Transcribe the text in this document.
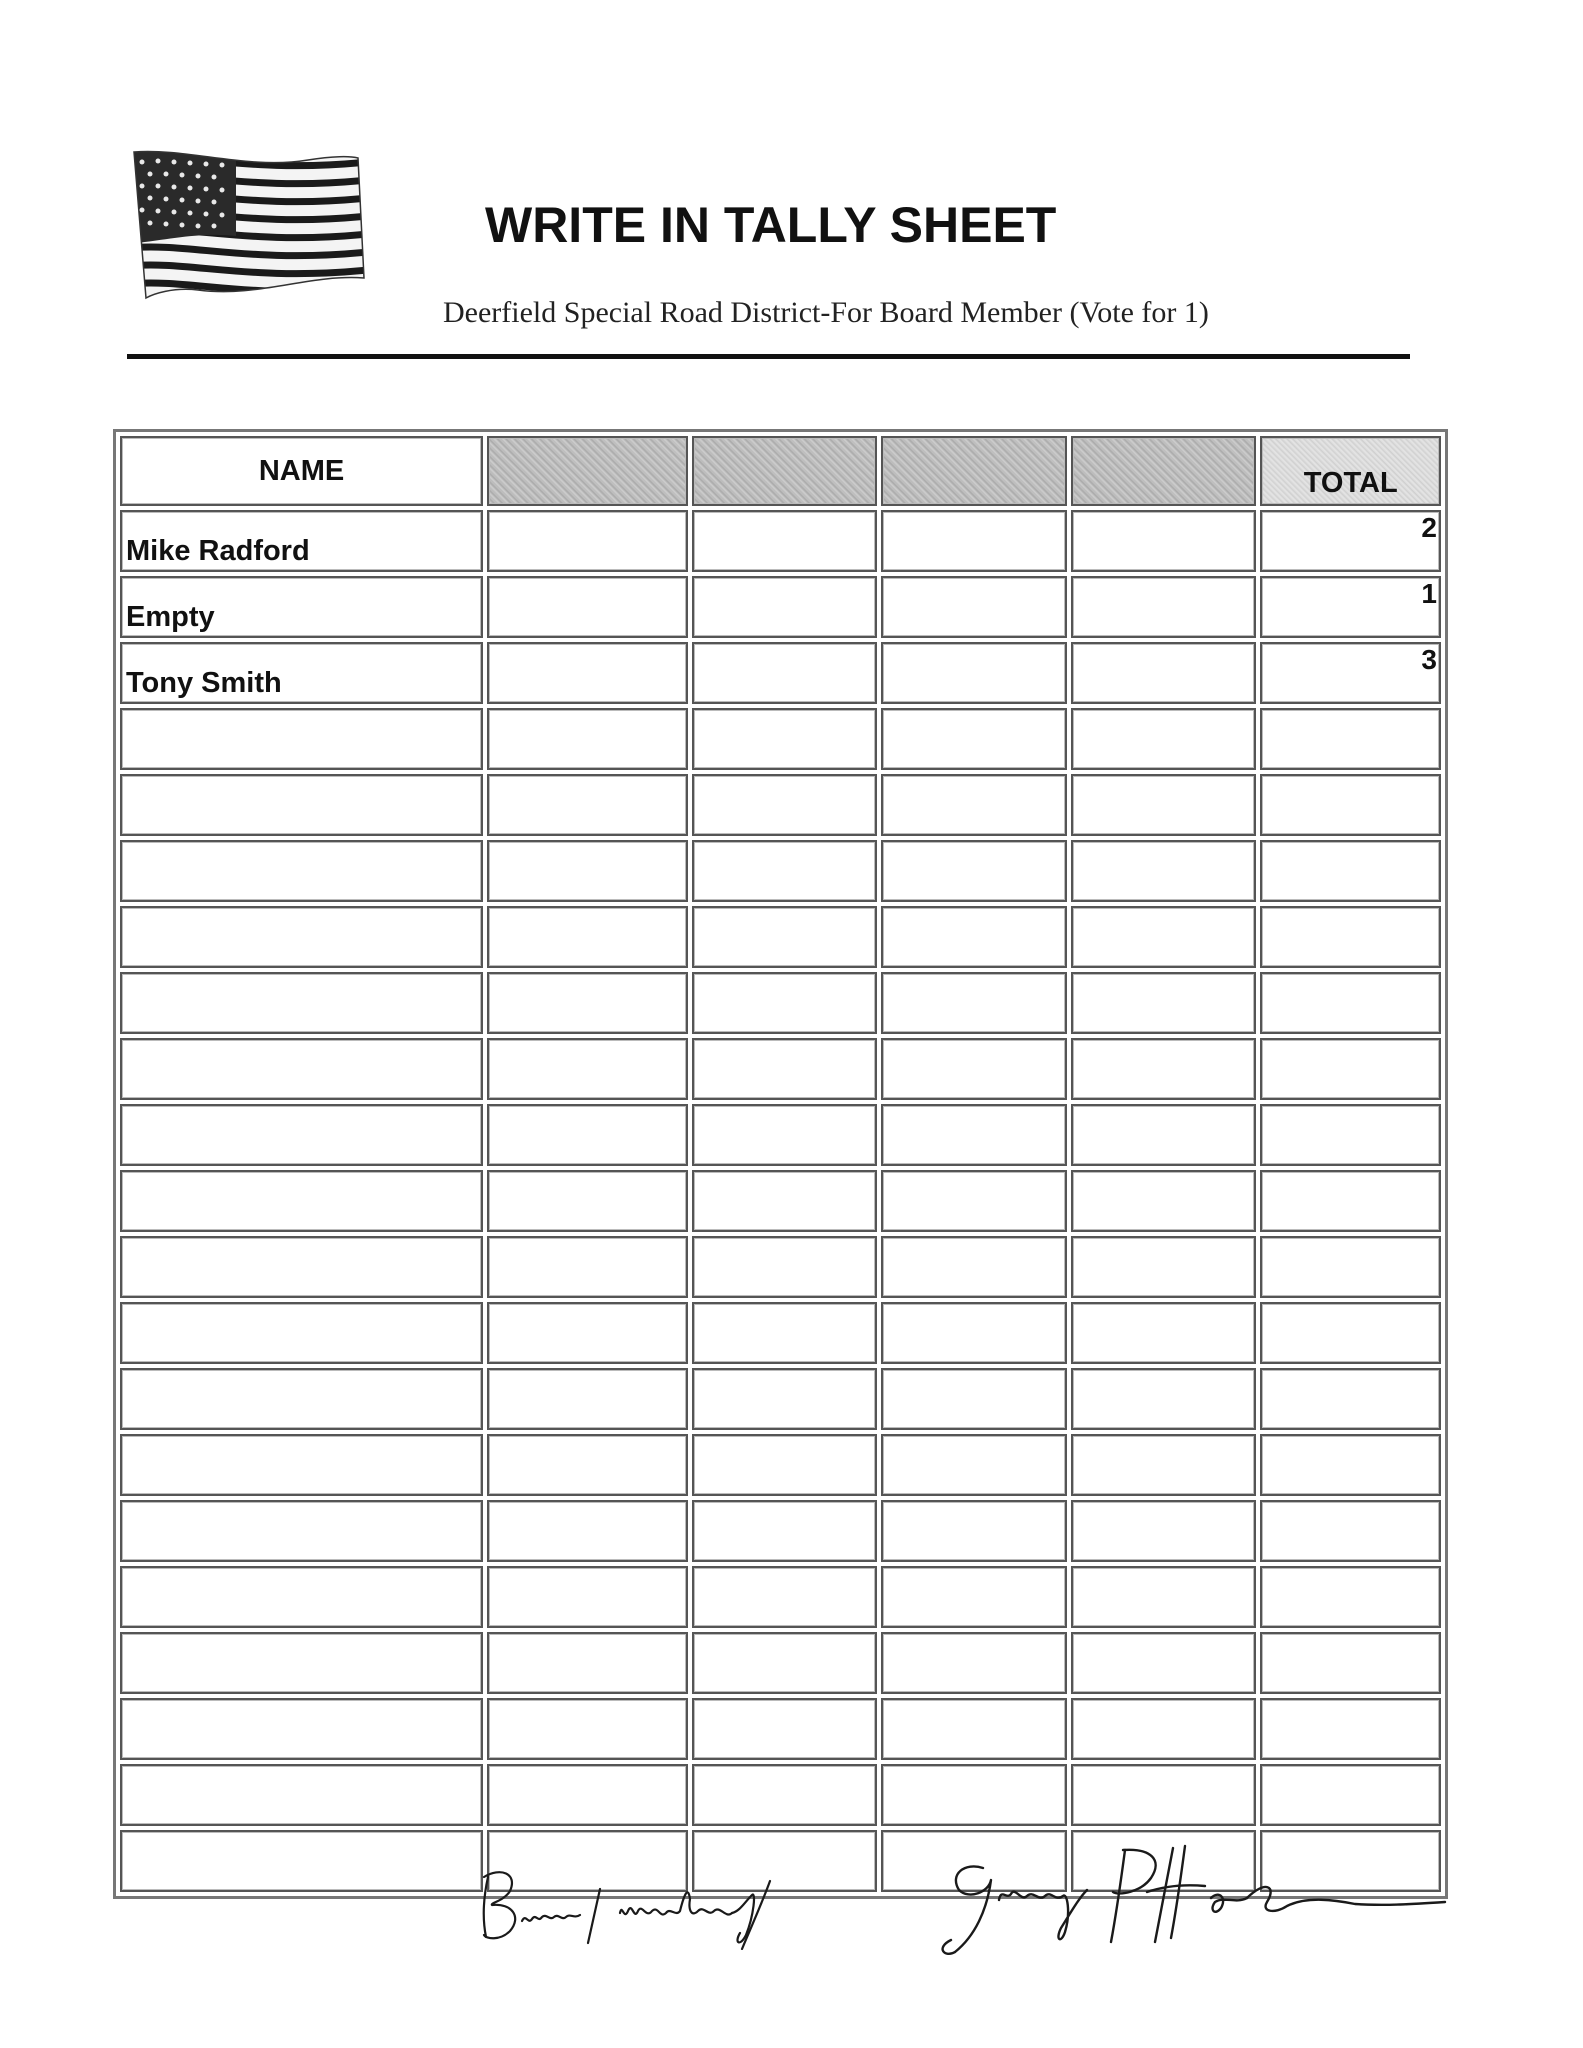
WRITE IN TALLY SHEET
Deerfield Special Road District-For Board Member (Vote for 1)
NAME					TOTAL
Mike Radford					2
Empty					1
Tony Smith					3
